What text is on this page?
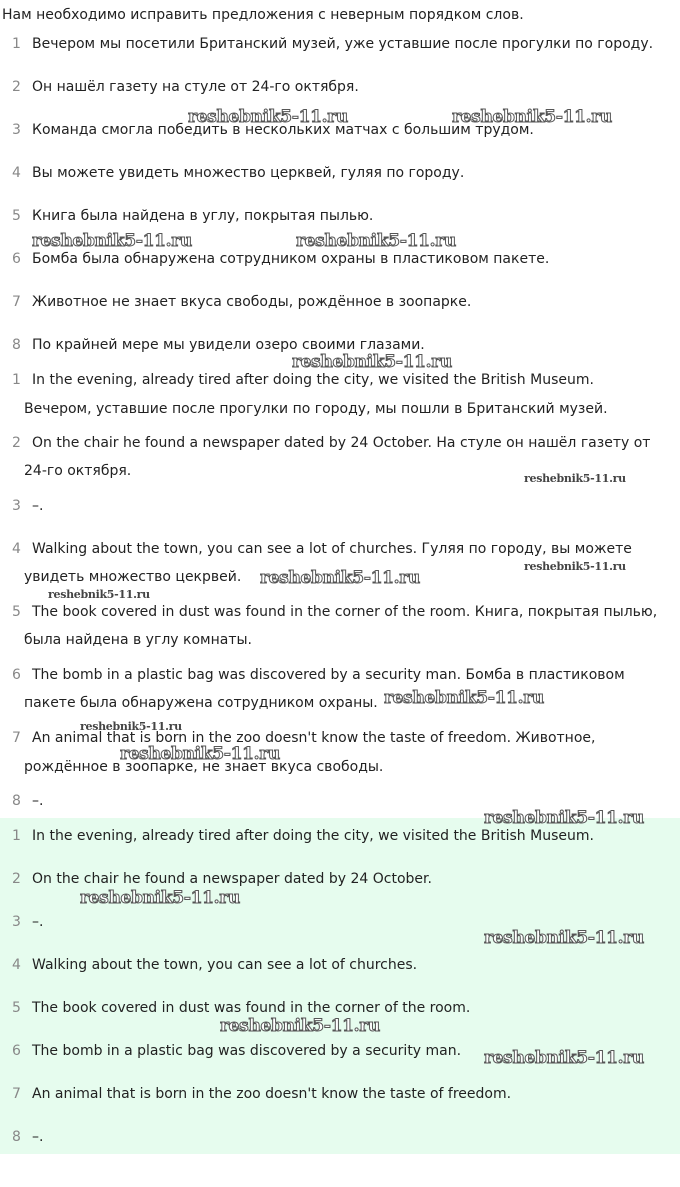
Нам необходимо исправить предложения с неверным порядком слов.
1 Вечером мы посетили Британский музей, уже уставшие после прогулки по городу.
2 Он нашёл газету на стуле от 24-го октября.
3 Команда смогла победить в нескольких матчах с большим трудом.
4 Вы можете увидеть множество церквей, гуляя по городу.
5 Книга была найдена в углу, покрытая пылью.
6 Бомба была обнаружена сотрудником охраны в пластиковом пакете.
7 Животное не знает вкуса свободы, рождённое в зоопарке.
8 По крайней мере мы увидели озеро своими глазами.
1 In the evening, already tired after doing the city, we visited the British Museum.
Вечером, уставшие после прогулки по городу, мы пошли в Британский музей.
2 On the chair he found a newspaper dated by 24 October. На стуле он нашёл газету от
24-го октября.
3 –.
4 Walking about the town, you can see a lot of churches. Гуляя по городу, вы можете
увидеть множество цекрвей.
5 The book covered in dust was found in the corner of the room. Книга, покрытая пылью,
была найдена в углу комнаты.
6 The bomb in a plastic bag was discovered by a security man. Бомба в пластиковом
пакете была обнаружена сотрудником охраны.
7 An animal that is born in the zoo doesn't know the taste of freedom. Животное,
рождённое в зоопарке, не знает вкуса свободы.
8 –.
1 In the evening, already tired after doing the city, we visited the British Museum.
2 On the chair he found a newspaper dated by 24 October.
3 –.
4 Walking about the town, you can see a lot of churches.
5 The book covered in dust was found in the corner of the room.
6 The bomb in a plastic bag was discovered by a security man.
7 An animal that is born in the zoo doesn't know the taste of freedom.
8 –.
reshebnik5-11.ru	reshebnik5-11.ru
reshebnik5-11.ru	reshebnik5-11.ru
reshebnik5-11.ru
reshebnik5-11.ru
reshebnik5-11.ru
reshebnik5-11.ru
reshebnik5-11.ru
reshebnik5-11.ru
reshebnik5-11.ru
reshebnik5-11.ru
reshebnik5-11.ru
reshebnik5-11.ru
reshebnik5-11.ru
reshebnik5-11.ru
reshebnik5-11.ru
